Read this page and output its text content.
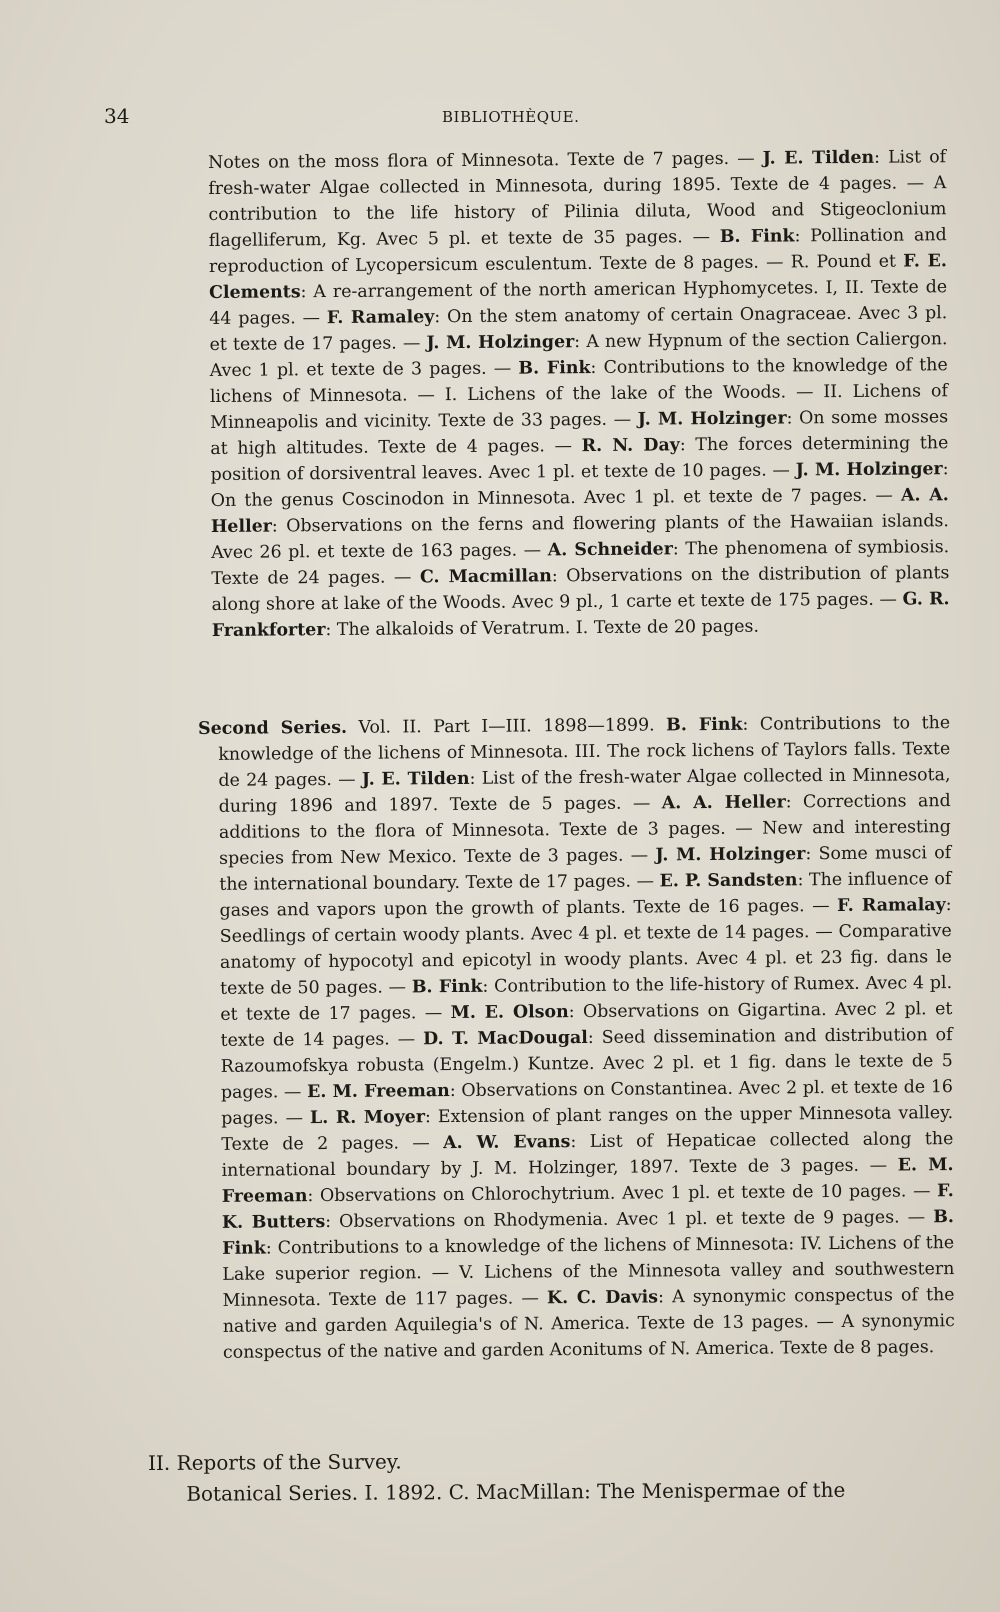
34	BIBLIOTHÈQUE.
Notes on the moss flora of Minnesota. Texte de 7 pages. — J. E. Tilden: List of fresh-water Algae collected in Minnesota, during 1895. Texte de 4 pages. — A contribution to the life history of Pilinia diluta, Wood and Stigeoclonium flagelliferum, Kg. Avec 5 pl. et texte de 35 pages. — B. Fink: Pollination and reproduction of Lycopersicum esculentum. Texte de 8 pages. — R. Pound et F. E. Clements: A re-arrangement of the north american Hyphomycetes. I, II. Texte de 44 pages. — F. Ramaley: On the stem anatomy of certain Onagraceae. Avec 3 pl. et texte de 17 pages. — J. M. Holzinger: A new Hypnum of the section Caliergon. Avec 1 pl. et texte de 3 pages. — B. Fink: Contributions to the knowledge of the lichens of Minnesota. — I. Lichens of the lake of the Woods. — II. Lichens of Minneapolis and vicinity. Texte de 33 pages. — J. M. Holzinger: On some mosses at high altitudes. Texte de 4 pages. — R. N. Day: The forces determining the position of dorsiventral leaves. Avec 1 pl. et texte de 10 pages. — J. M. Holzinger: On the genus Coscinodon in Minnesota. Avec 1 pl. et texte de 7 pages. — A. A. Heller: Observations on the ferns and flowering plants of the Hawaiian islands. Avec 26 pl. et texte de 163 pages. — A. Schneider: The phenomena of symbiosis. Texte de 24 pages. — C. Macmillan: Observations on the distribution of plants along shore at lake of the Woods. Avec 9 pl., 1 carte et texte de 175 pages. — G. R. Frankforter: The alkaloids of Veratrum. I. Texte de 20 pages.
Second Series. Vol. II. Part I—III. 1898—1899. B. Fink: Contributions to the knowledge of the lichens of Minnesota. III. The rock lichens of Taylors falls. Texte de 24 pages. — J. E. Tilden: List of the fresh-water Algae collected in Minnesota, during 1896 and 1897. Texte de 5 pages. — A. A. Heller: Corrections and additions to the flora of Minnesota. Texte de 3 pages. — New and interesting species from New Mexico. Texte de 3 pages. — J. M. Holzinger: Some musci of the international boundary. Texte de 17 pages. — E. P. Sandsten: The influence of gases and vapors upon the growth of plants. Texte de 16 pages. — F. Ramalay: Seedlings of certain woody plants. Avec 4 pl. et texte de 14 pages. — Comparative anatomy of hypocotyl and epicotyl in woody plants. Avec 4 pl. et 23 fig. dans le texte de 50 pages. — B. Fink: Contribution to the life-history of Rumex. Avec 4 pl. et texte de 17 pages. — M. E. Olson: Observations on Gigartina. Avec 2 pl. et texte de 14 pages. — D. T. MacDougal: Seed dissemination and distribution of Razoumofskya robusta (Engelm.) Kuntze. Avec 2 pl. et 1 fig. dans le texte de 5 pages. — E. M. Freeman: Observations on Constantinea. Avec 2 pl. et texte de 16 pages. — L. R. Moyer: Extension of plant ranges on the upper Minnesota valley. Texte de 2 pages. — A. W. Evans: List of Hepaticae collected along the international boundary by J. M. Holzinger, 1897. Texte de 3 pages. — E. M. Freeman: Observations on Chlorochytrium. Avec 1 pl. et texte de 10 pages. — F. K. Butters: Observations on Rhodymenia. Avec 1 pl. et texte de 9 pages. — B. Fink: Contributions to a knowledge of the lichens of Minnesota: IV. Lichens of the Lake superior region. — V. Lichens of the Minnesota valley and southwestern Minnesota. Texte de 117 pages. — K. C. Davis: A synonymic conspectus of the native and garden Aquilegia's of N. America. Texte de 13 pages. — A synonymic conspectus of the native and garden Aconitums of N. America. Texte de 8 pages.
II. Reports of the Survey.
Botanical Series. I. 1892. C. MacMillan: The Menispermae of the
